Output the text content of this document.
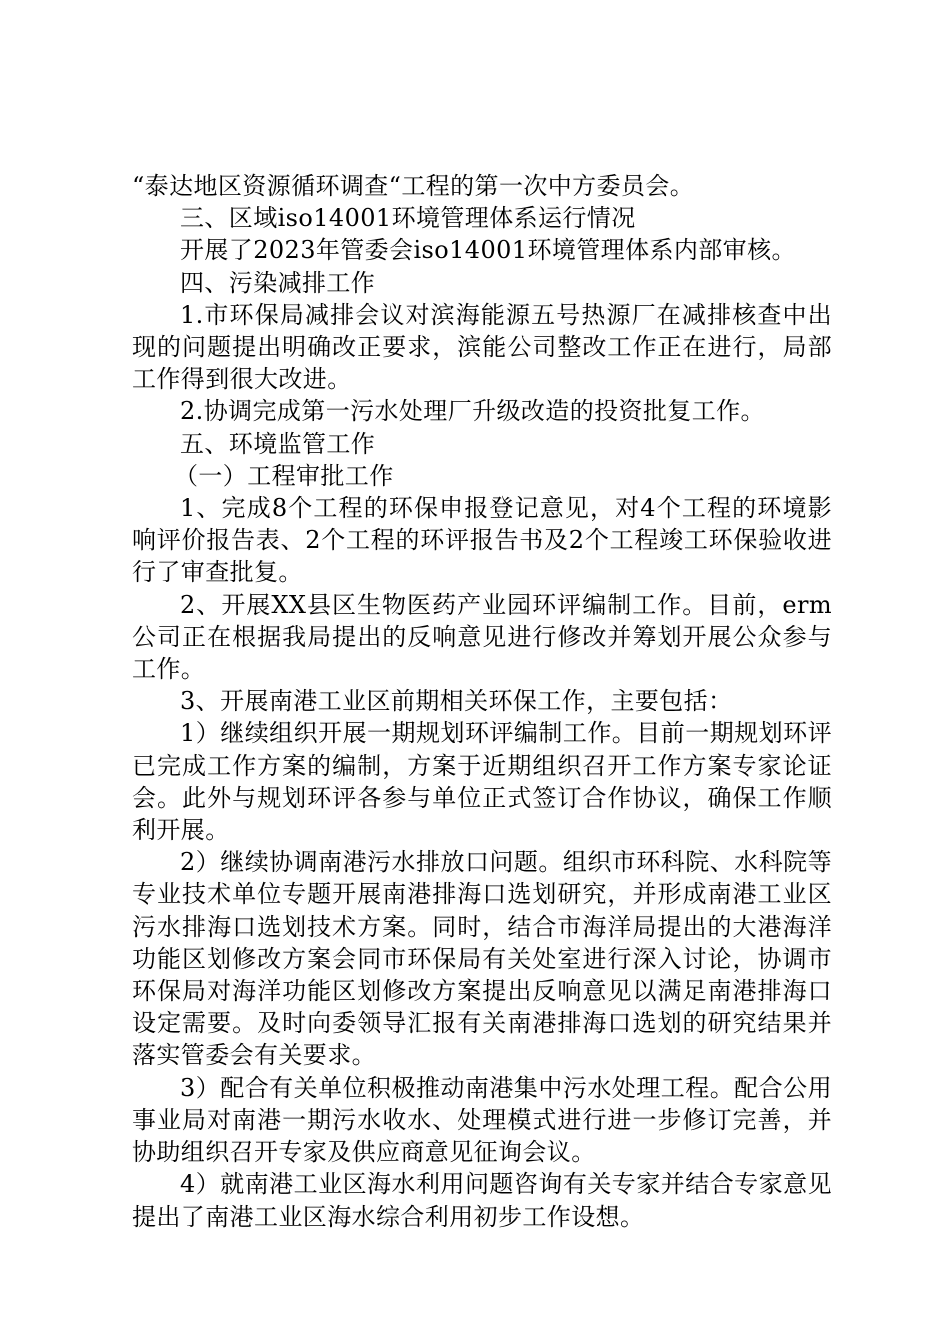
“泰达地区资源循环调查“工程的第一次中方委员会。

三、区域iso14001环境管理体系运行情况

开展了2023年管委会iso14001环境管理体系内部审核。

四、污染减排工作

1.市环保局减排会议对滨海能源五号热源厂在减排核查中出现的问题提出明确改正要求，滨能公司整改工作正在进行，局部工作得到很大改进。

2.协调完成第一污水处理厂升级改造的投资批复工作。

五、环境监管工作

（一）工程审批工作

1、完成8个工程的环保申报登记意见，对4个工程的环境影响评价报告表、2个工程的环评报告书及2个工程竣工环保验收进行了审查批复。

2、开展XX县区生物医药产业园环评编制工作。目前，erm公司正在根据我局提出的反响意见进行修改并筹划开展公众参与工作。

3、开展南港工业区前期相关环保工作，主要包括：

1）继续组织开展一期规划环评编制工作。目前一期规划环评已完成工作方案的编制，方案于近期组织召开工作方案专家论证会。此外与规划环评各参与单位正式签订合作协议，确保工作顺利开展。

2）继续协调南港污水排放口问题。组织市环科院、水科院等专业技术单位专题开展南港排海口选划研究，并形成南港工业区污水排海口选划技术方案。同时，结合市海洋局提出的大港海洋功能区划修改方案会同市环保局有关处室进行深入讨论，协调市环保局对海洋功能区划修改方案提出反响意见以满足南港排海口设定需要。及时向委领导汇报有关南港排海口选划的研究结果并落实管委会有关要求。

3）配合有关单位积极推动南港集中污水处理工程。配合公用事业局对南港一期污水收水、处理模式进行进一步修订完善，并协助组织召开专家及供应商意见征询会议。

4）就南港工业区海水利用问题咨询有关专家并结合专家意见提出了南港工业区海水综合利用初步工作设想。
